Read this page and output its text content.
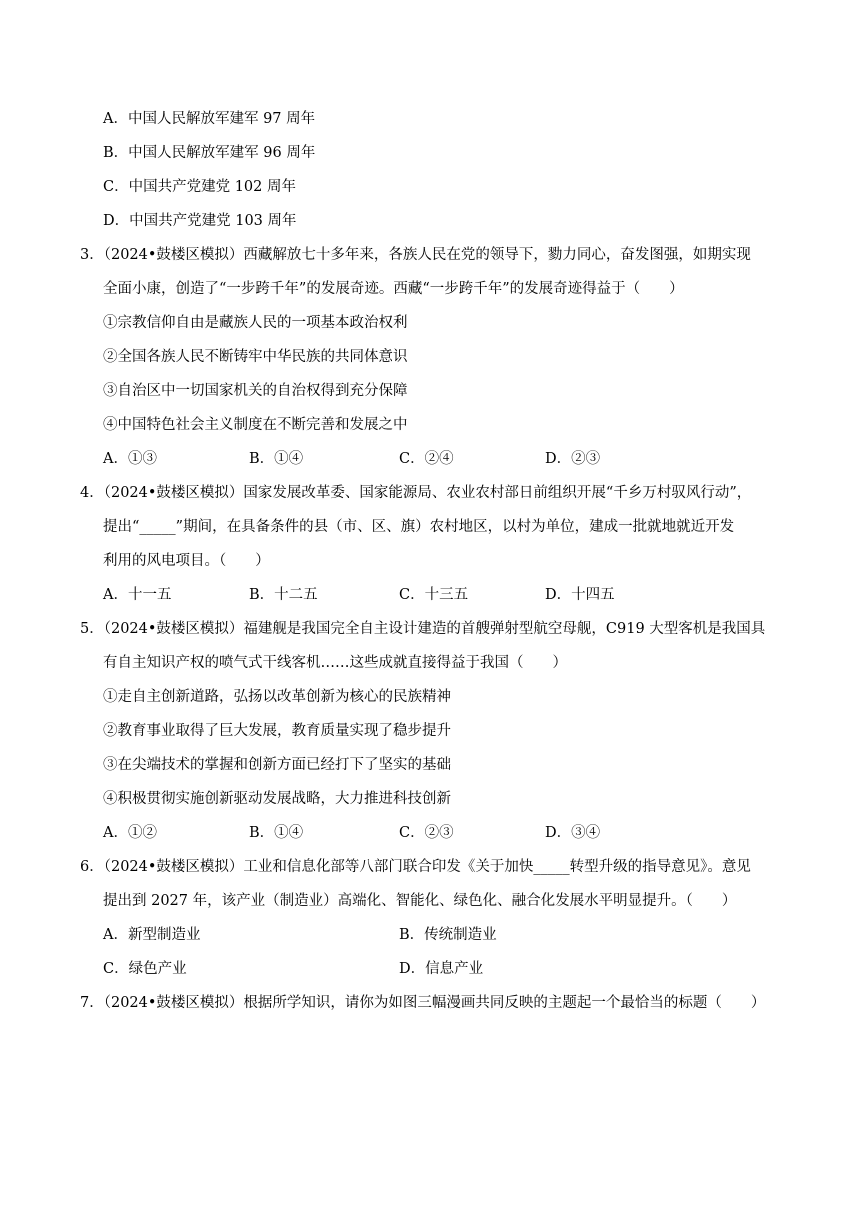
A．中国人民解放军建军 97 周年
B．中国人民解放军建军 96 周年
C．中国共产党建党 102 周年
D．中国共产党建党 103 周年
3．（2024•鼓楼区模拟）西藏解放七十多年来，各族人民在党的领导下，勠力同心，奋发图强，如期实现
全面小康，创造了“一步跨千年”的发展奇迹。西藏“一步跨千年”的发展奇迹得益于（　　）
①宗教信仰自由是藏族人民的一项基本政治权利
②全国各族人民不断铸牢中华民族的共同体意识
③自治区中一切国家机关的自治权得到充分保障
④中国特色社会主义制度在不断完善和发展之中
A．①③	B．①④	C．②④	D．②③
4．（2024•鼓楼区模拟）国家发展改革委、国家能源局、农业农村部日前组织开展“千乡万村驭风行动”，
提出“_____”期间，在具备条件的县（市、区、旗）农村地区，以村为单位，建成一批就地就近开发
利用的风电项目。（　　）
A．十一五	B．十二五	C．十三五	D．十四五
5．（2024•鼓楼区模拟）福建舰是我国完全自主设计建造的首艘弹射型航空母舰，C919 大型客机是我国具
有自主知识产权的喷气式干线客机……这些成就直接得益于我国（　　）
①走自主创新道路，弘扬以改革创新为核心的民族精神
②教育事业取得了巨大发展，教育质量实现了稳步提升
③在尖端技术的掌握和创新方面已经打下了坚实的基础
④积极贯彻实施创新驱动发展战略，大力推进科技创新
A．①②	B．①④	C．②③	D．③④
6．（2024•鼓楼区模拟）工业和信息化部等八部门联合印发《关于加快_____转型升级的指导意见》。意见
提出到 2027 年，该产业（制造业）高端化、智能化、绿色化、融合化发展水平明显提升。（　　）
A．新型制造业	B．传统制造业
C．绿色产业	D．信息产业
7．（2024•鼓楼区模拟）根据所学知识，请你为如图三幅漫画共同反映的主题起一个最恰当的标题（　　）
